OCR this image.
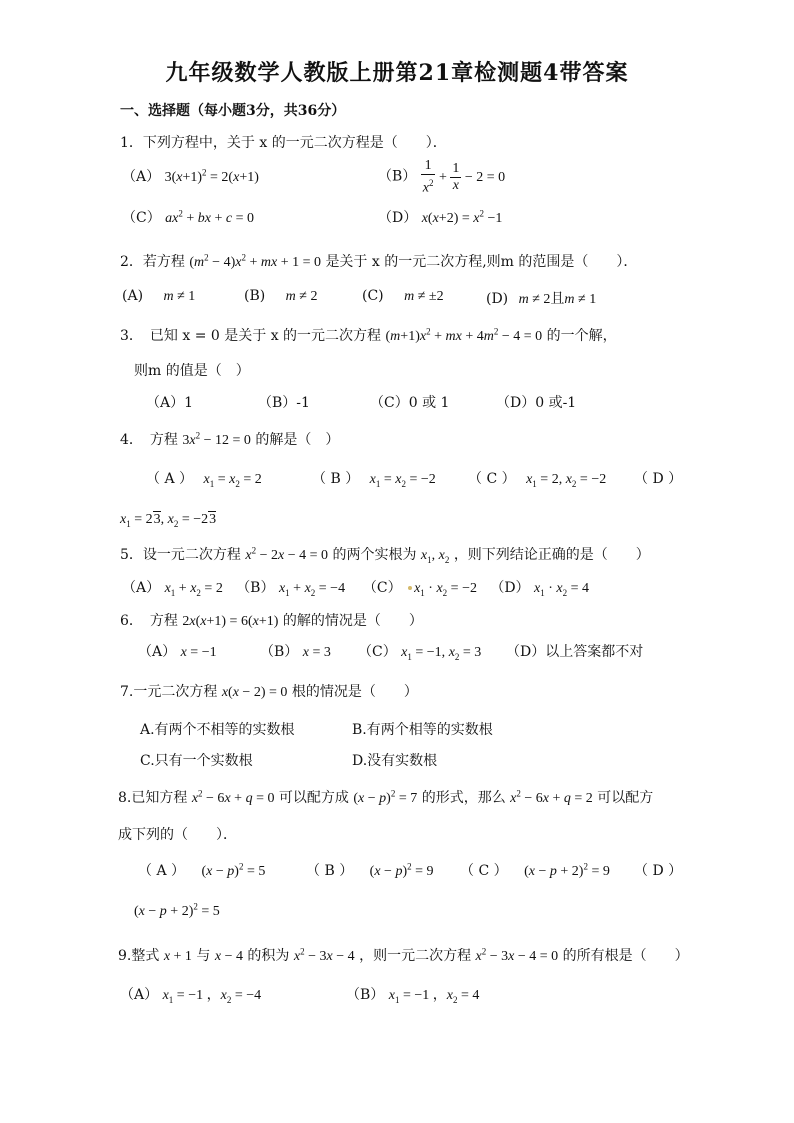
九年级数学人教版上册第21章检测题4带答案
一、选择题（每小题3分，共36分）
1．下列方程中，关于 x 的一元二次方程是（　　）．
（A） $3(x+1)^2 = 2(x+1)$	$(B) \frac{1}{x^2} + \frac{1}{x} - 2 = 0$
（C） $ax^2$ + bx + c = 0	（D） $x(x+2) = x^2 -1$
2．若方程 $(m^2 - 4)x^2$ + mx + 1 = 0 是关于 x 的一元二次方程,则m 的范围是（　　）．
(A) m ≠ 1	(B) m ≠ 2	(C) m ≠ ±2	(D) m ≠ 2且m ≠ 1
3．　已知 x = 0 是关于 x 的一元二次方程 $(m+1)x^2$ + mx + $4m^2 - 4 = 0$ 的一个解，
则m 的值是（　）
（A）1	（B）-1	（C）0 或 1	（D）0 或-1
4．　方程 $3x^2 - 12 = 0$ 的解是（　）
（ A ） $x_1 = x_2 = 2$	（ B ） $x_1 = x_2 = -2$ （ C ） $x_1 = 2$, $x_2 = -2$ （ D ）
$x_1 = 23$, $x_2 = -23$
5．设一元二次方程 $x^2 - 2x - 4 = 0$ 的两个实根为 $x_1$, $x_2$ ，则下列结论正确的是（　　）
（A） $x_1 + x_2 = 2$ （B） $x_1 + x_2 = -4$ （C） $x_1 \cdot x_2 = -2$ （D） $x_1 \cdot x_2 = 4$
6．　方程 2x(x+1) = 6(x+1) 的解的情况是（　　）
（A） x = −1	（B） x = 3 （C） $x_1 = -1$, $x_2 = 3$ （D）以上答案都不对
7.一元二次方程 x(x − 2) = 0 根的情况是（　　）
A.有两个不相等的实数根	B.有两个相等的实数根
C.只有一个实数根	D.没有实数根
8.已知方程 $x^2 - 6x + q = 0$ 可以配方成 $(x - p)^2 = 7$ 的形式，那么 $x^2 - 6x + q = 2$ 可以配方
成下列的（　　）．
（ A ） $(x - p)^2 = 5$	（ B ） $(x - p)^2 = 9$ （ C ） $(x - p + 2)^2 = 9$ （ D ）
$(x - p + 2)^2 = 5$
9.整式 x + 1 与 x − 4 的积为 $x^2 - 3x - 4$ ，则一元二次方程 $x^2 - 3x - 4 = 0$ 的所有根是（　　）
（A） $x_1 = -1$ ，$x_2 = -4$	（B） $x_1 = -1$ ，$x_2 = 4$
